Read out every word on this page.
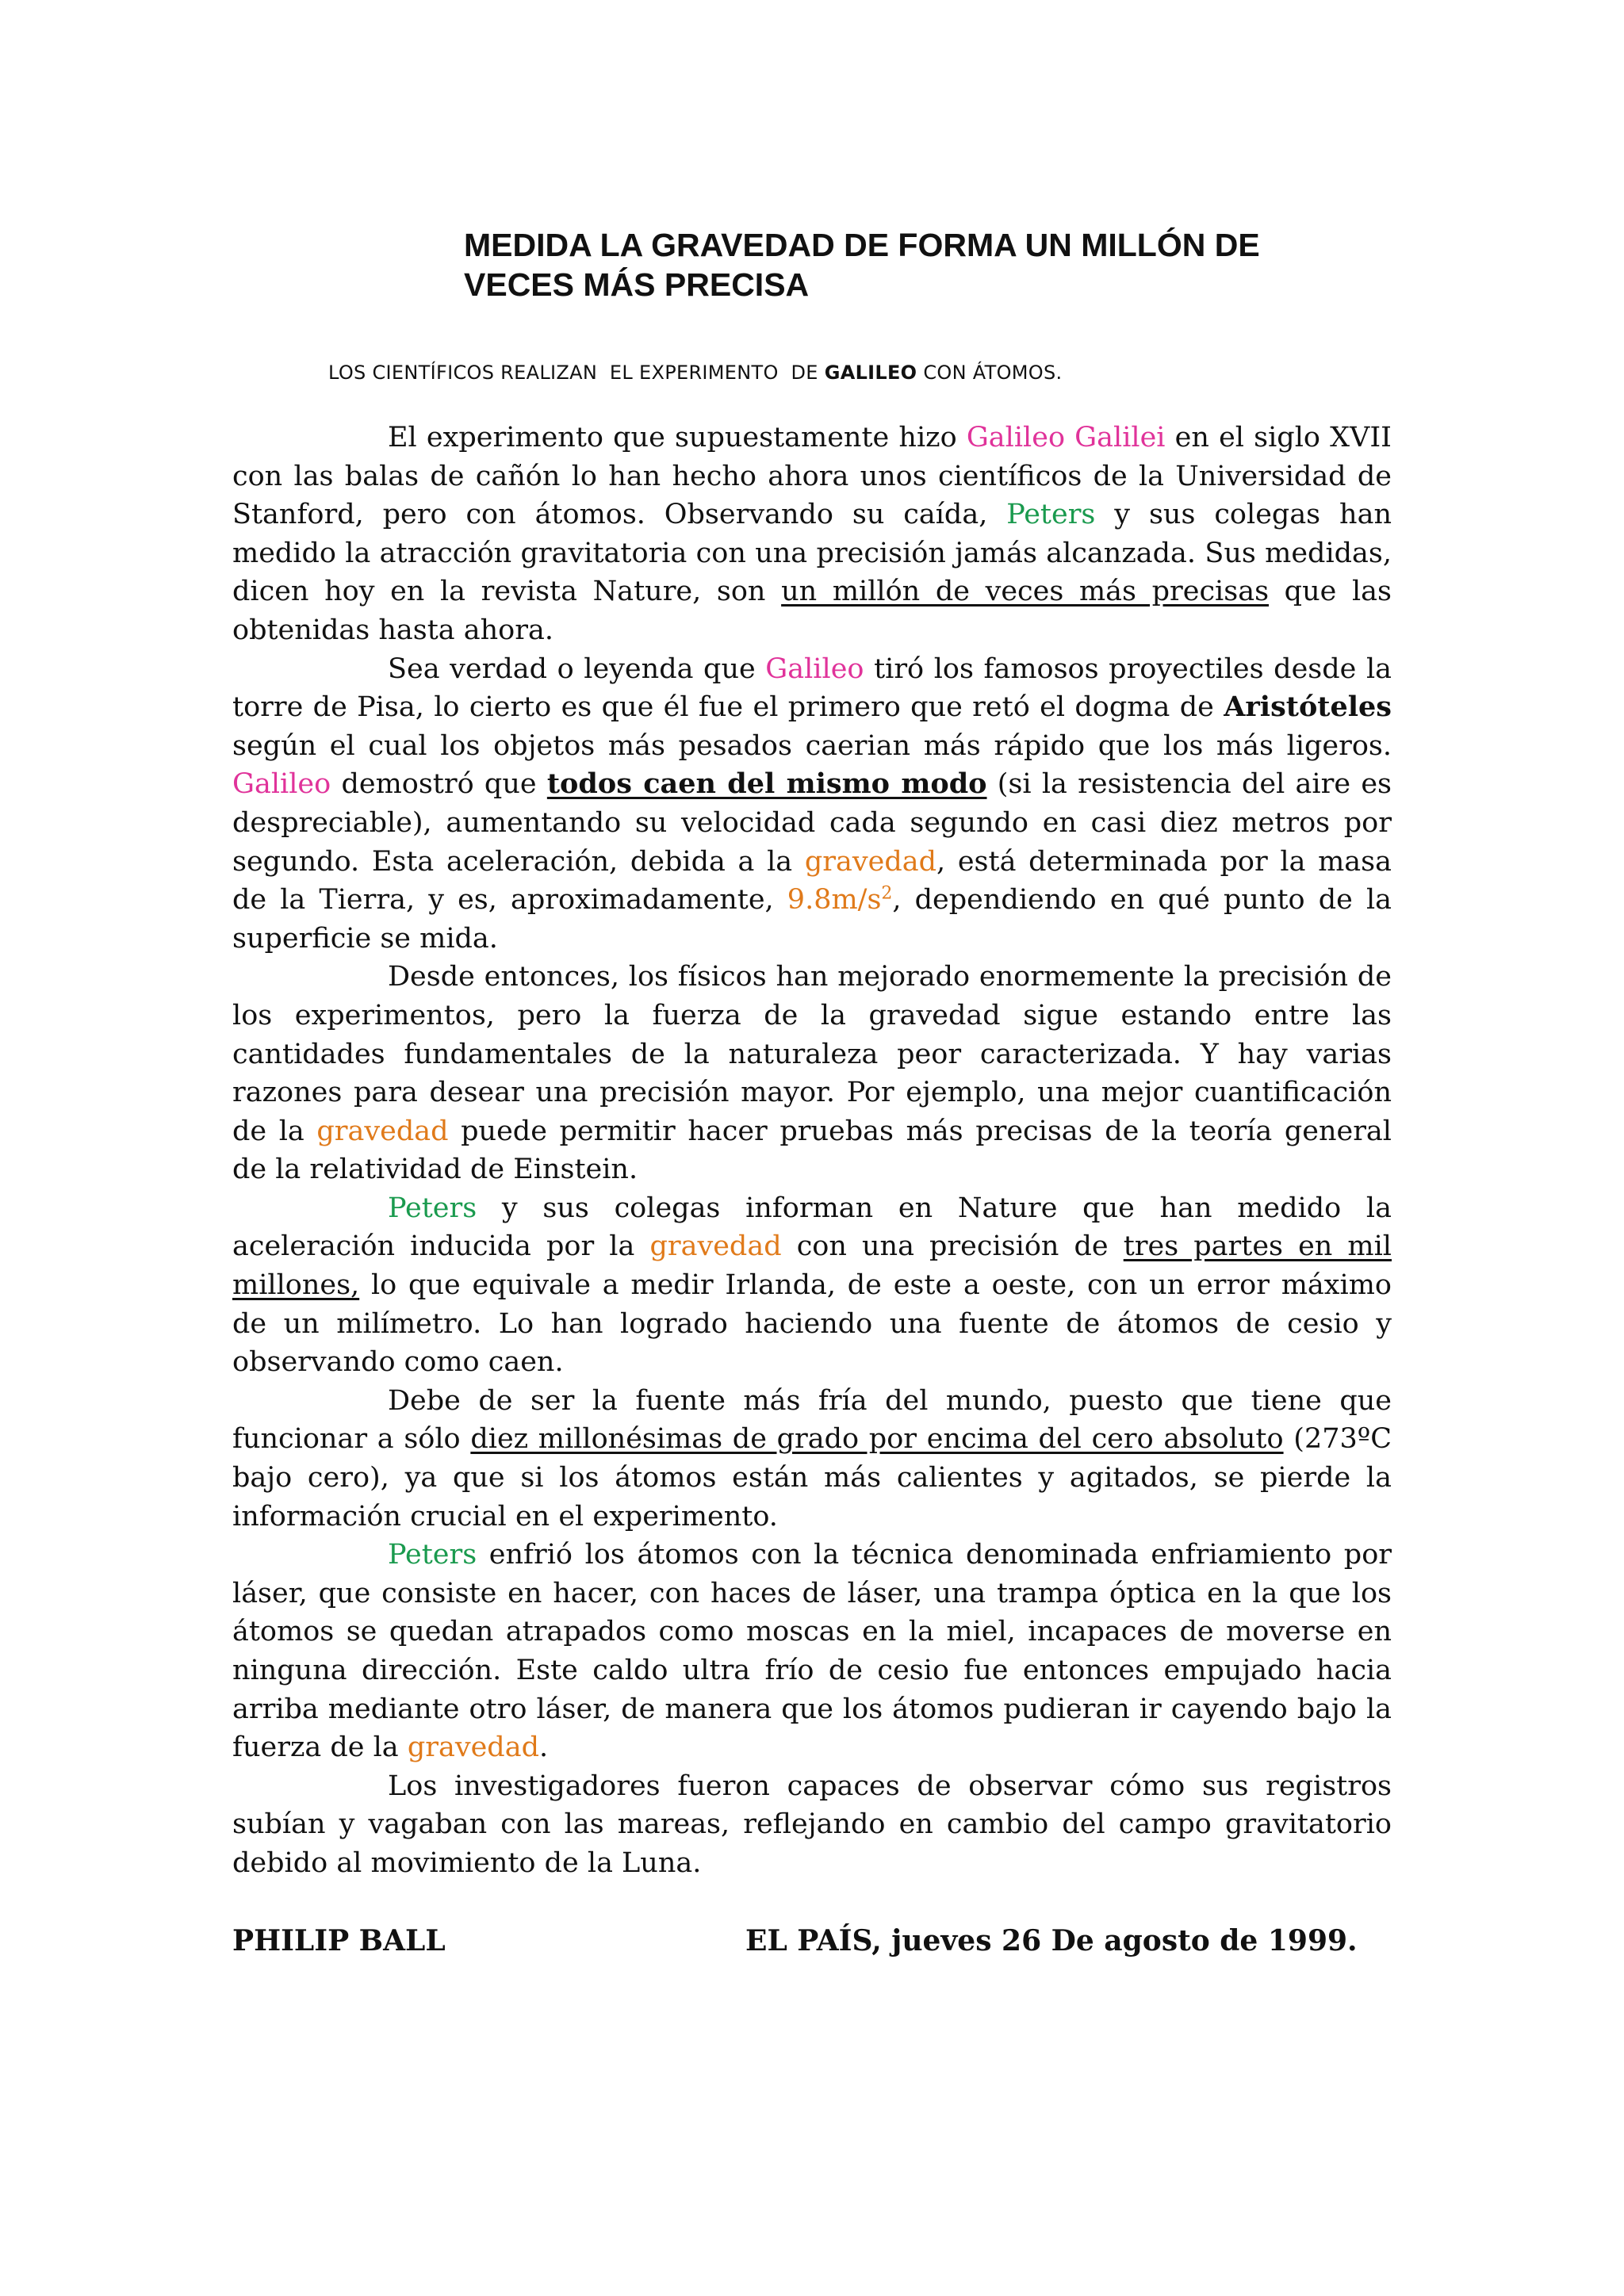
MEDIDA LA GRAVEDAD DE FORMA UN MILLÓN DE
VECES MÁS PRECISA

LOS CIENTÍFICOS REALIZAN  EL EXPERIMENTO  DE GALILEO CON ÁTOMOS.

El experimento que supuestamente hizo Galileo Galilei en el siglo XVII con las balas de cañón lo han hecho ahora unos científicos de la Universidad de Stanford, pero con átomos. Observando su caída, Peters y sus colegas han medido la atracción gravitatoria con una precisión jamás alcanzada. Sus medidas, dicen hoy en la revista Nature, son un millón de veces más precisas que las obtenidas hasta ahora.

Sea verdad o leyenda que Galileo tiró los famosos proyectiles desde la torre de Pisa, lo cierto es que él fue el primero que retó el dogma de Aristóteles según el cual los objetos más pesados caerian más rápido que los más ligeros. Galileo demostró que todos caen del mismo modo (si la resistencia del aire es despreciable), aumentando su velocidad cada segundo en casi diez metros por segundo. Esta aceleración, debida a la gravedad, está determinada por la masa de la Tierra, y es, aproximadamente, $9.8m/s^2$, dependiendo en qué punto de la superficie se mida.

Desde entonces, los físicos han mejorado enormemente la precisión de los experimentos, pero la fuerza de la gravedad sigue estando entre las cantidades fundamentales de la naturaleza peor caracterizada. Y hay varias razones para desear una precisión mayor. Por ejemplo, una mejor cuantificación de la gravedad puede permitir hacer pruebas más precisas de la teoría general de la relatividad de Einstein.

Peters y sus colegas informan en Nature que han medido la aceleración inducida por la gravedad con una precisión de tres partes en mil millones, lo que equivale a medir Irlanda, de este a oeste, con un error máximo de un milímetro. Lo han logrado haciendo una fuente de átomos de cesio y observando como caen.

Debe de ser la fuente más fría del mundo, puesto que tiene que funcionar a sólo diez millonésimas de grado por encima del cero absoluto (273ºC bajo cero), ya que si los átomos están más calientes y agitados, se pierde la información crucial en el experimento.

Peters enfrió los átomos con la técnica denominada enfriamiento por láser, que consiste en hacer, con haces de láser, una trampa óptica en la que los átomos se quedan atrapados como moscas en la miel, incapaces de moverse en ninguna dirección. Este caldo ultra frío de cesio fue entonces empujado hacia arriba mediante otro láser, de manera que los átomos pudieran ir cayendo bajo la fuerza de la gravedad.

Los investigadores fueron capaces de observar cómo sus registros subían y vagaban con las mareas, reflejando en cambio del campo gravitatorio debido al movimiento de la Luna.

PHILIP BALL	EL PAÍS, jueves 26 De agosto de 1999.
